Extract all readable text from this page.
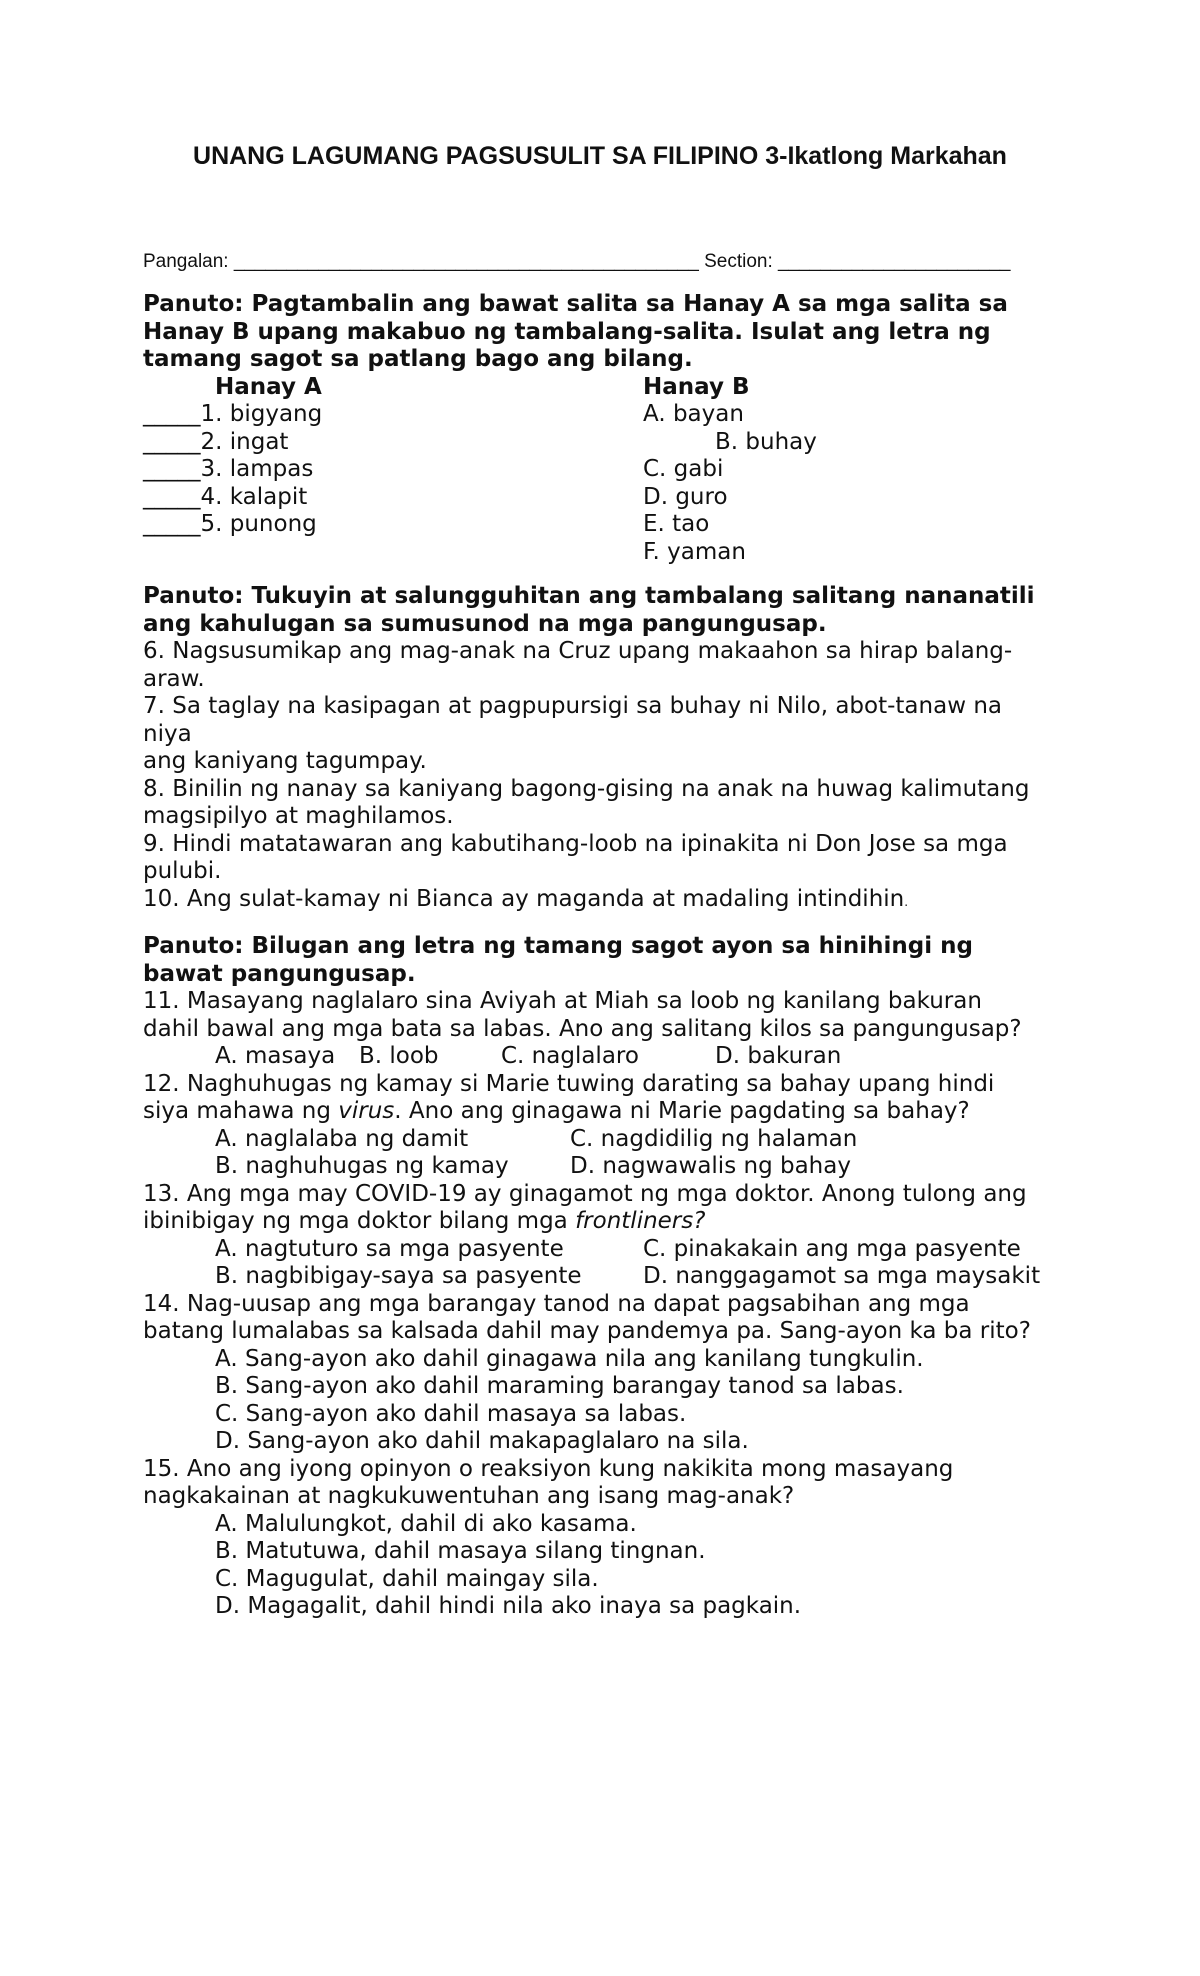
UNANG LAGUMANG PAGSUSULIT SA FILIPINO 3-Ikatlong Markahan
Pangalan: ____________________________________________ Section: ______________________
Panuto: Pagtambalin ang bawat salita sa Hanay A sa mga salita sa
Hanay B upang makabuo ng tambalang-salita. Isulat ang letra ng
tamang sagot sa patlang bago ang bilang.
Hanay A	Hanay B
_____1. bigyang	A. bayan
_____2. ingat	B. buhay
_____3. lampas	C. gabi
_____4. kalapit	D. guro
_____5. punong	E. tao
F. yaman
Panuto: Tukuyin at salungguhitan ang tambalang salitang nananatili
ang kahulugan sa sumusunod na mga pangungusap.
6. Nagsusumikap ang mag-anak na Cruz upang makaahon sa hirap balang-
araw.
7. Sa taglay na kasipagan at pagpupursigi sa buhay ni Nilo, abot-tanaw na
niya
ang kaniyang tagumpay.
8. Binilin ng nanay sa kaniyang bagong-gising na anak na huwag kalimutang
magsipilyo at maghilamos.
9. Hindi matatawaran ang kabutihang-loob na ipinakita ni Don Jose sa mga
pulubi.
10. Ang sulat-kamay ni Bianca ay maganda at madaling intindihin.
Panuto: Bilugan ang letra ng tamang sagot ayon sa hinihingi ng
bawat pangungusap.
11. Masayang naglalaro sina Aviyah at Miah sa loob ng kanilang bakuran
dahil bawal ang mga bata sa labas. Ano ang salitang kilos sa pangungusap?
A. masaya	B. loob	C. naglalaro	D. bakuran
12. Naghuhugas ng kamay si Marie tuwing darating sa bahay upang hindi
siya mahawa ng virus. Ano ang ginagawa ni Marie pagdating sa bahay?
A. naglalaba ng damit	C. nagdidilig ng halaman
B. naghuhugas ng kamay	D. nagwawalis ng bahay
13. Ang mga may COVID-19 ay ginagamot ng mga doktor. Anong tulong ang
ibinibigay ng mga doktor bilang mga frontliners?
A. nagtuturo sa mga pasyente	C. pinakakain ang mga pasyente
B. nagbibigay-saya sa pasyente	D. nanggagamot sa mga maysakit
14. Nag-uusap ang mga barangay tanod na dapat pagsabihan ang mga
batang lumalabas sa kalsada dahil may pandemya pa. Sang-ayon ka ba rito?
A. Sang-ayon ako dahil ginagawa nila ang kanilang tungkulin.
B. Sang-ayon ako dahil maraming barangay tanod sa labas.
C. Sang-ayon ako dahil masaya sa labas.
D. Sang-ayon ako dahil makapaglalaro na sila.
15. Ano ang iyong opinyon o reaksiyon kung nakikita mong masayang
nagkakainan at nagkukuwentuhan ang isang mag-anak?
A. Malulungkot, dahil di ako kasama.
B. Matutuwa, dahil masaya silang tingnan.
C. Magugulat, dahil maingay sila.
D. Magagalit, dahil hindi nila ako inaya sa pagkain.
